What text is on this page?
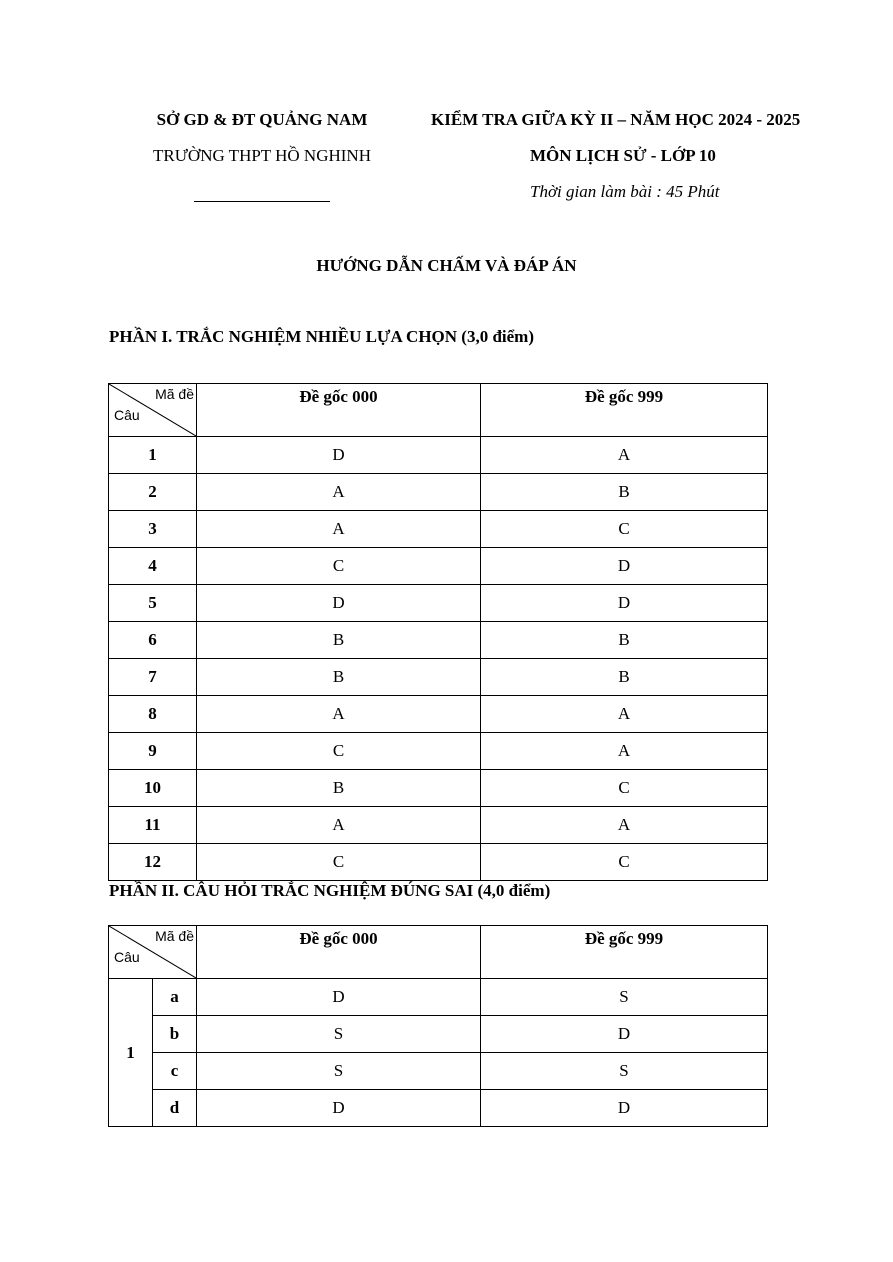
SỞ GD & ĐT QUẢNG NAM
TRƯỜNG THPT HỒ NGHINH
KIỂM TRA GIỮA KỲ II – NĂM HỌC 2024 - 2025
MÔN LỊCH SỬ - LỚP 10
Thời gian làm bài : 45 Phút
HƯỚNG DẪN CHẤM VÀ ĐÁP ÁN
PHẦN I. TRẮC NGHIỆM NHIỀU LỰA CHỌN (3,0 điểm)
Mã đề
Câu	Đề gốc 000	Đề gốc 999
1	D	A
2	A	B
3	A	C
4	C	D
5	D	D
6	B	B
7	B	B
8	A	A
9	C	A
10	B	C
11	A	A
12	C	C
PHẦN II. CÂU HỎI TRẮC NGHIỆM ĐÚNG SAI (4,0 điểm)
Mã đề
Câu		Đề gốc 000	Đề gốc 999
1	a	D	S
	b	S	D
	c	S	S
	d	D	D
